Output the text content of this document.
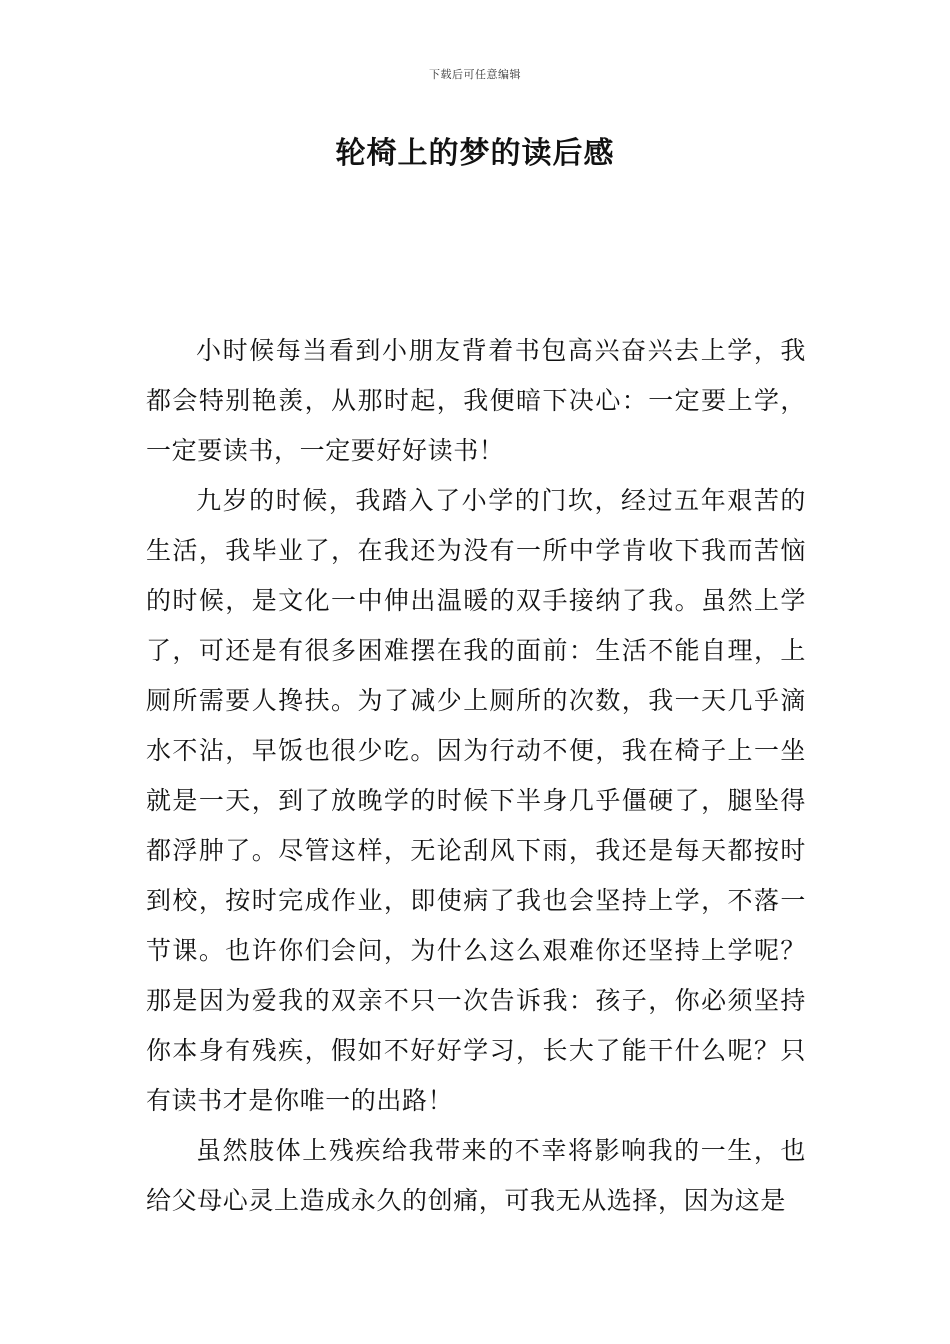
下载后可任意编辑
轮椅上的梦的读后感

小时候每当看到小朋友背着书包高兴奋兴去上学，我都会特别艳羡，从那时起，我便暗下决心：一定要上学，一定要读书，一定要好好读书！

九岁的时候，我踏入了小学的门坎，经过五年艰苦的生活，我毕业了，在我还为没有一所中学肯收下我而苦恼的时候，是文化一中伸出温暖的双手接纳了我。虽然上学了，可还是有很多困难摆在我的面前：生活不能自理，上厕所需要人搀扶。为了减少上厕所的次数，我一天几乎滴水不沾，早饭也很少吃。因为行动不便，我在椅子上一坐就是一天，到了放晚学的时候下半身几乎僵硬了，腿坠得都浮肿了。尽管这样，无论刮风下雨，我还是每天都按时到校，按时完成作业，即使病了我也会坚持上学，不落一节课。也许你们会问，为什么这么艰难你还坚持上学呢？那是因为爱我的双亲不只一次告诉我：孩子，你必须坚持你本身有残疾，假如不好好学习，长大了能干什么呢？只有读书才是你唯一的出路！

虽然肢体上残疾给我带来的不幸将影响我的一生，也给父母心灵上造成永久的创痛，可我无从选择，因为这是
